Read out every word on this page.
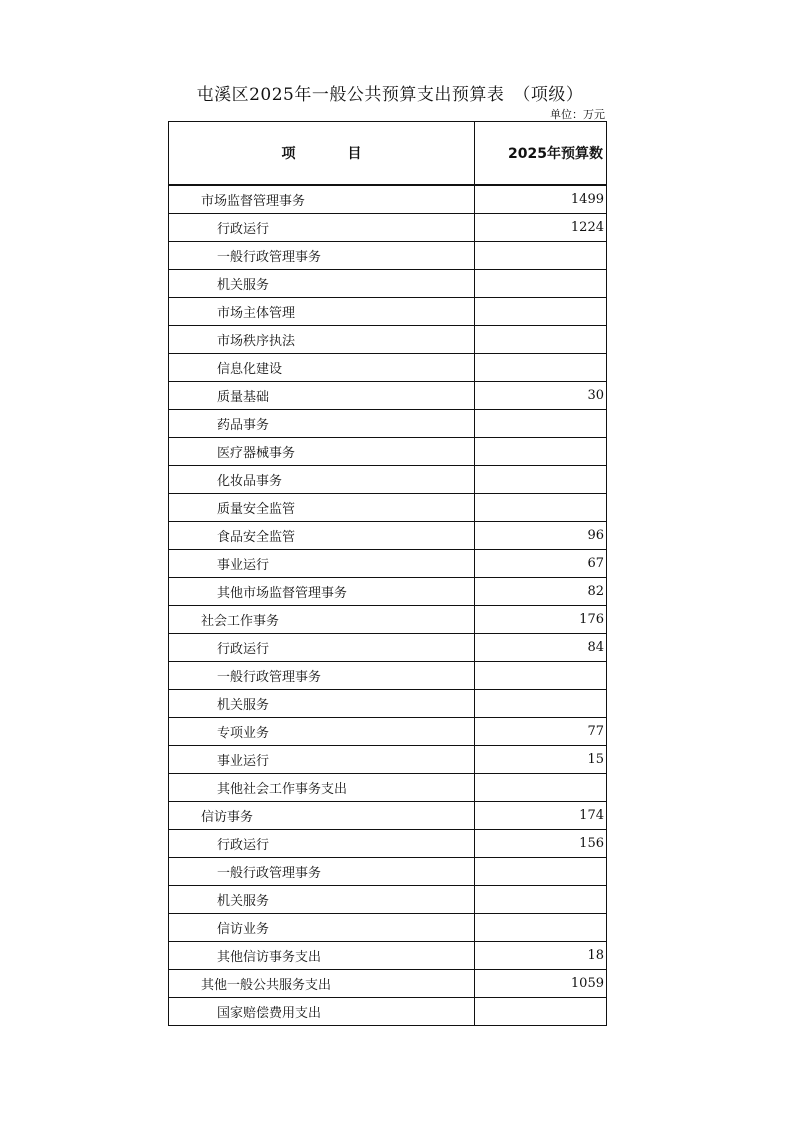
屯溪区2025年一般公共预算支出预算表　（项级）
单位：万元
项 目	2025年预算数
市场监督管理事务	1499
行政运行	1224
一般行政管理事务	
机关服务	
市场主体管理	
市场秩序执法	
信息化建设	
质量基础	30
药品事务	
医疗器械事务	
化妆品事务	
质量安全监管	
食品安全监管	96
事业运行	67
其他市场监督管理事务	82
社会工作事务	176
行政运行	84
一般行政管理事务	
机关服务	
专项业务	77
事业运行	15
其他社会工作事务支出	
信访事务	174
行政运行	156
一般行政管理事务	
机关服务	
信访业务	
其他信访事务支出	18
其他一般公共服务支出	1059
国家赔偿费用支出	
